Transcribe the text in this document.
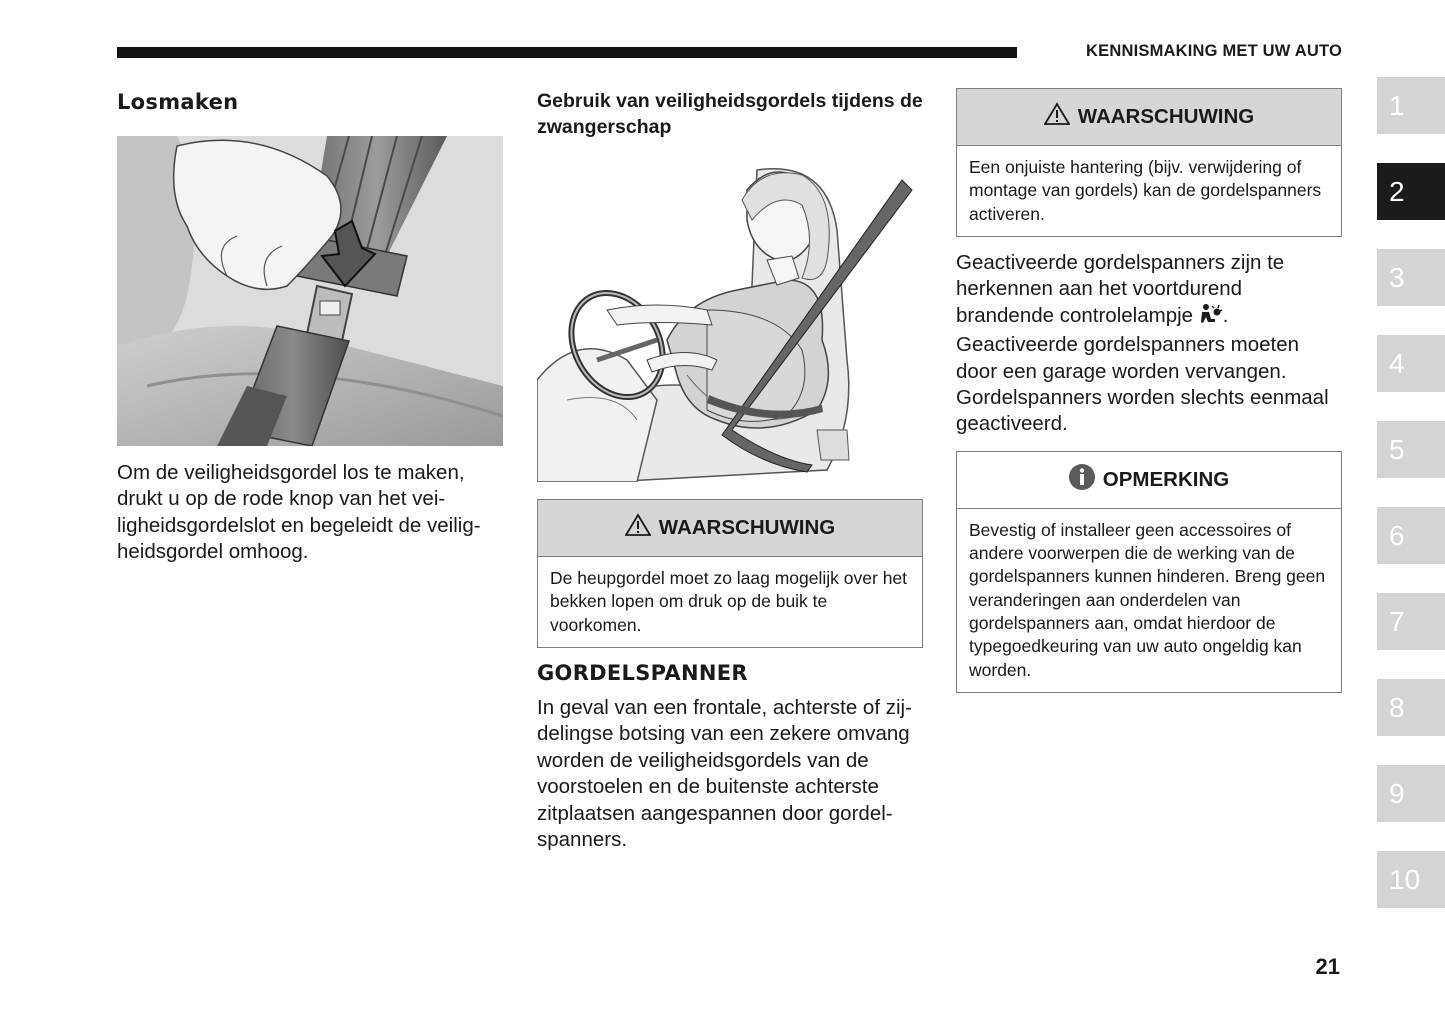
KENNISMAKING MET UW AUTO
Losmaken

Om de veiligheidsgordel los te maken, drukt u op de rode knop van het veiligheidsgordelslot en begeleidt de veiligheidsgordel omhoog.

Gebruik van veiligheidsgordels tijdens de zwangerschap
WAARSCHUWING
De heupgordel moet zo laag mogelijk over het bekken lopen om druk op de buik te voorkomen.
GORDELSPANNER

In geval van een frontale, achterste of zijdelingse botsing van een zekere omvang worden de veiligheidsgordels van de voorstoelen en de buitenste achterste zitplaatsen aangespannen door gordelspanners.

WAARSCHUWING
Een onjuiste hantering (bijv. verwijdering of montage van gordels) kan de gordelspanners activeren.

Geactiveerde gordelspanners zijn te herkennen aan het voortdurend brandende controlelampje .

Geactiveerde gordelspanners moeten door een garage worden vervangen. Gordelspanners worden slechts eenmaal geactiveerd.

OPMERKING
Bevestig of installeer geen accessoires of andere voorwerpen die de werking van de gordelspanners kunnen hinderen. Breng geen veranderingen aan onderdelen van gordelspanners aan, omdat hierdoor de typegoedkeuring van uw auto ongeldig kan worden.
1
2
3
4
5
6
7
8
9
10
21
